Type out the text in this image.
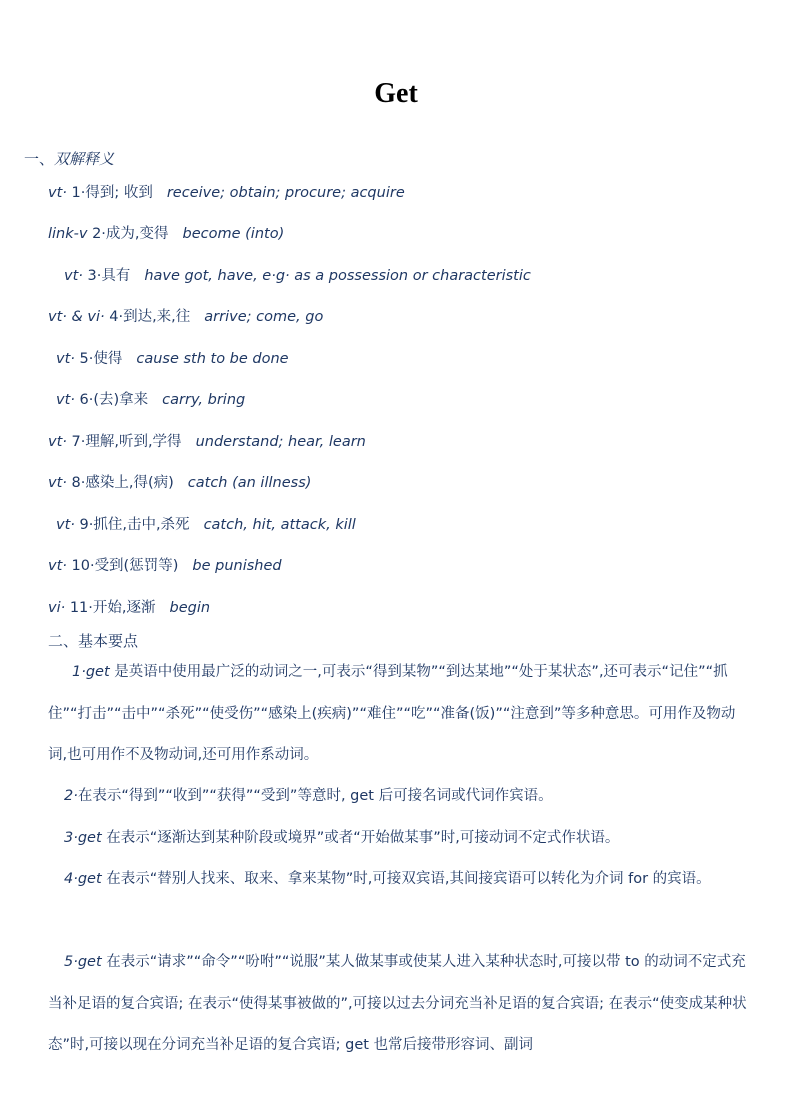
Get
一、双解释义
vt· 1·得到; 收到 receive; obtain; procure; acquire
link-v 2·成为,变得 become (into)
vt· 3·具有 have got, have, e·g· as a possession or characteristic
vt· & vi· 4·到达,来,往 arrive; come, go
vt· 5·使得 cause sth to be done
vt· 6·(去)拿来 carry, bring
vt· 7·理解,听到,学得 understand; hear, learn
vt· 8·感染上,得(病) catch (an illness)
vt· 9·抓住,击中,杀死 catch, hit, attack, kill
vt· 10·受到(惩罚等) be punished
vi· 11·开始,逐渐 begin
二、基本要点

1·get 是英语中使用最广泛的动词之一,可表示“得到某物”“到达某地”“处于某状态”,还可表示“记住”“抓住”“打击”“击中”“杀死”“使受伤”“感染上(疾病)”“难住”“吃”“准备(饭)”“注意到”等多种意思。可用作及物动词,也可用作不及物动词,还可用作系动词。

2·在表示“得到”“收到”“获得”“受到”等意时, get 后可接名词或代词作宾语。

3·get 在表示“逐渐达到某种阶段或境界”或者“开始做某事”时,可接动词不定式作状语。

4·get 在表示“替别人找来、取来、拿来某物”时,可接双宾语,其间接宾语可以转化为介词 for 的宾语。

5·get 在表示“请求”“命令”“吩咐”“说服”某人做某事或使某人进入某种状态时,可接以带 to 的动词不定式充当补足语的复合宾语; 在表示“使得某事被做的”,可接以过去分词充当补足语的复合宾语; 在表示“使变成某种状态”时,可接以现在分词充当补足语的复合宾语; get 也常后接带形容词、副词
